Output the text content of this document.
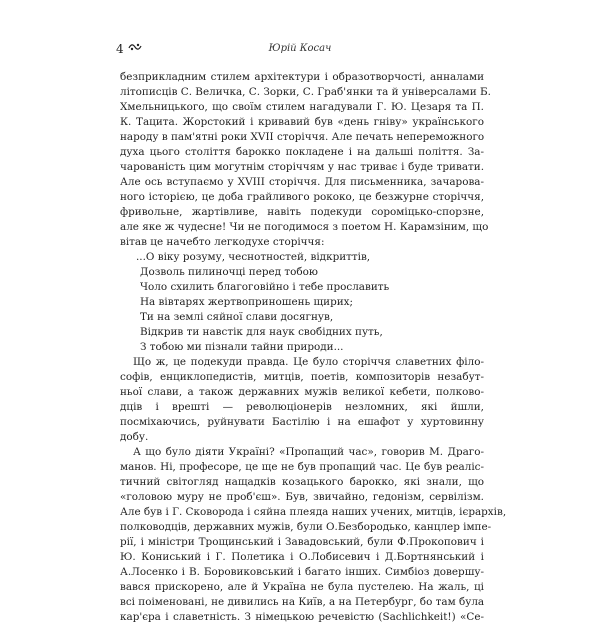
4	Юрій Косач
безприкладним стилем архітектури і образотворчості, анналами
літописців С. Величка, С. Зорки, С. Граб'янки та й універсалами Б.
Хмельницького, що своїм стилем нагадували Г. Ю. Цезаря та П.
К. Тацита. Жорстокий і кривавий був «день гніву» українського
народу в пам'ятні роки XVII сторіччя. Але печать непереможного
духа цього століття бароккo покладене і на дальші поліття. За-
чарованість цим могутнім сторіччям у нас триває і буде тривати.
Але ось вступаємо у XVIII сторіччя. Для письменника, зачарова-
ного історією, це доба грайливого рококо, це безжурне сторіччя,
фривольне, жартівливе, навіть подекуди сороміцько-спорзне,
але яке ж чудесне! Чи не погодимося з поетом Н. Карамзіним, що
вітав це начебто легкодухе сторіччя:
...О віку розуму, чеснотностей, відкриттів,
Дозволь пилиночці перед тобою
Чоло схилить благоговійно і тебе прославить
На вівтарях жертвоприношень щирих;
Ти на землі сяйної слави досягнув,
Відкрив ти навстік для наук свобідних путь,
З тобою ми пізнали тайни природи...
Що ж, це подекуди правда. Це було сторіччя славетних філо-
софів, енциклопедистів, митців, поетів, композиторів незабут-
ньої слави, а також державних мужів великої кебети, полково-
дців і врешті — революціонерів незломних, які йшли,
посміхаючись, руйнувати Бастілію і на ешафот у хуртовинну
добу.
А що було діяти Україні? «Пропащий час», говорив М. Драго-
манов. Ні, професоре, це ще не був пропащий час. Це був реаліс-
тичний світогляд нащадків козацького барокко, які знали, що
«головою муру не проб'єш». Був, звичайно, гедонізм, сервілізм.
Але був і Г. Сковорода і сяйна плеяда наших учених, митців, ієрархів,
полководців, державних мужів, були О.Безбородько, канцлер імпе-
рії, і міністри Трощинський і Завадовський, були Ф.Прокопович і
Ю. Кониський і Г. Полетика і О.Лобисевич і Д.Бортнянський і
А.Лосенко і В. Боровиковський і багато інших. Симбіоз довершу-
вався прискорено, але й Україна не була пустелею. На жаль, ці
всі поіменовані, не дивились на Київ, а на Петербург, бо там була
кар'єра і славетність. З німецькою речевістю (Sachlichkeit!) «Се-
